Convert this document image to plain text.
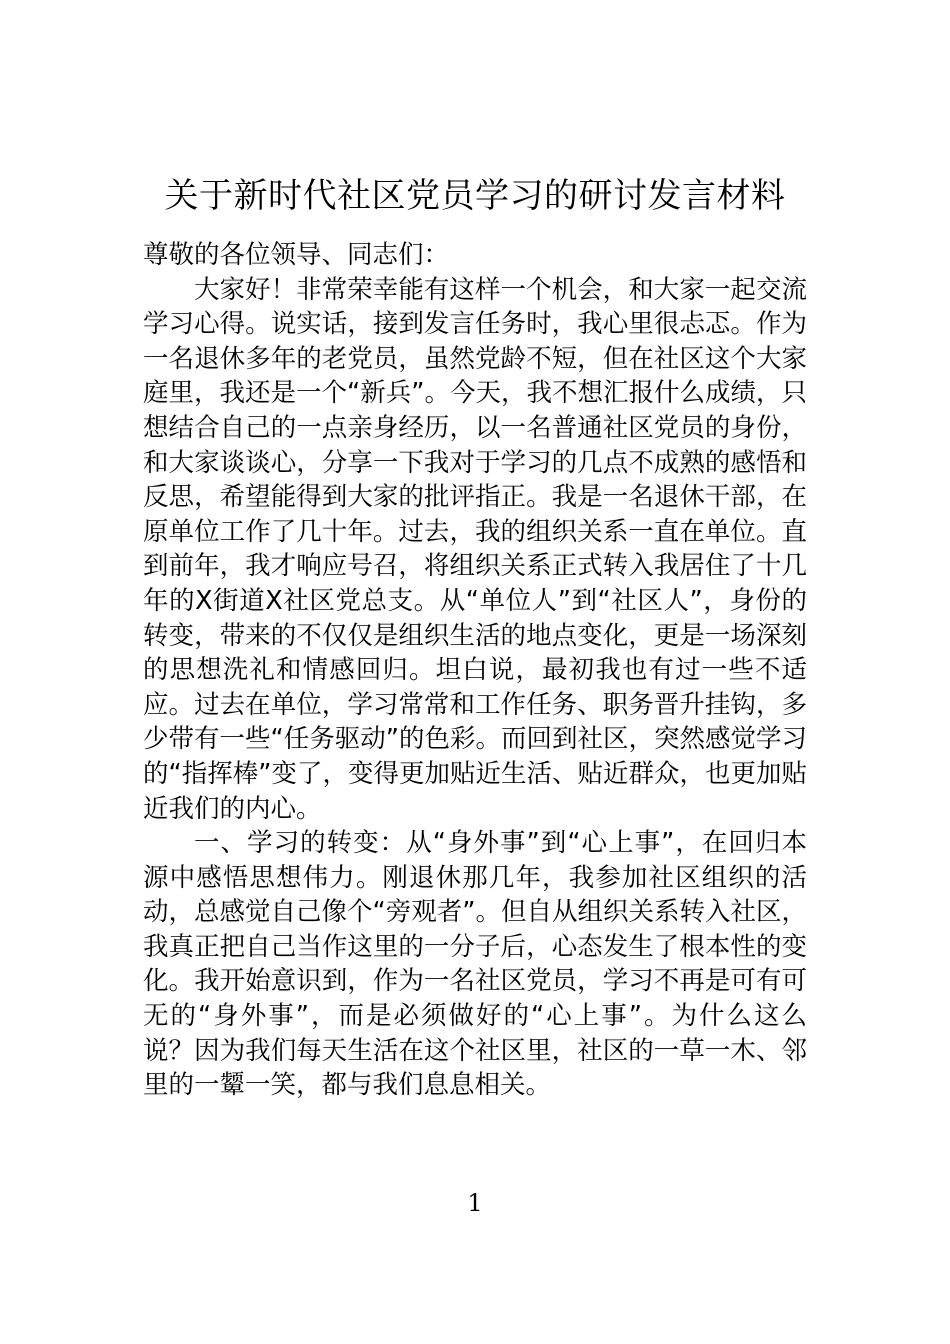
关于新时代社区党员学习的研讨发言材料

尊敬的各位领导、同志们：

大家好！非常荣幸能有这样一个机会，和大家一起交流学习心得。说实话，接到发言任务时，我心里很忐忑。作为一名退休多年的老党员，虽然党龄不短，但在社区这个大家庭里，我还是一个“新兵”。今天，我不想汇报什么成绩，只想结合自己的一点亲身经历，以一名普通社区党员的身份，和大家谈谈心，分享一下我对于学习的几点不成熟的感悟和反思，希望能得到大家的批评指正。我是一名退休干部，在原单位工作了几十年。过去，我的组织关系一直在单位。直到前年，我才响应号召，将组织关系正式转入我居住了十几年的X街道X社区党总支。从“单位人”到“社区人”，身份的转变，带来的不仅仅是组织生活的地点变化，更是一场深刻的思想洗礼和情感回归。坦白说，最初我也有过一些不适应。过去在单位，学习常常和工作任务、职务晋升挂钩，多少带有一些“任务驱动”的色彩。而回到社区，突然感觉学习的“指挥棒”变了，变得更加贴近生活、贴近群众，也更加贴近我们的内心。

一、学习的转变：从“身外事”到“心上事”，在回归本源中感悟思想伟力。刚退休那几年，我参加社区组织的活动，总感觉自己像个“旁观者”。但自从组织关系转入社区，我真正把自己当作这里的一分子后，心态发生了根本性的变化。我开始意识到，作为一名社区党员，学习不再是可有可无的“身外事”，而是必须做好的“心上事”。为什么这么说？因为我们每天生活在这个社区里，社区的一草一木、邻里的一颦一笑，都与我们息息相关。

1
